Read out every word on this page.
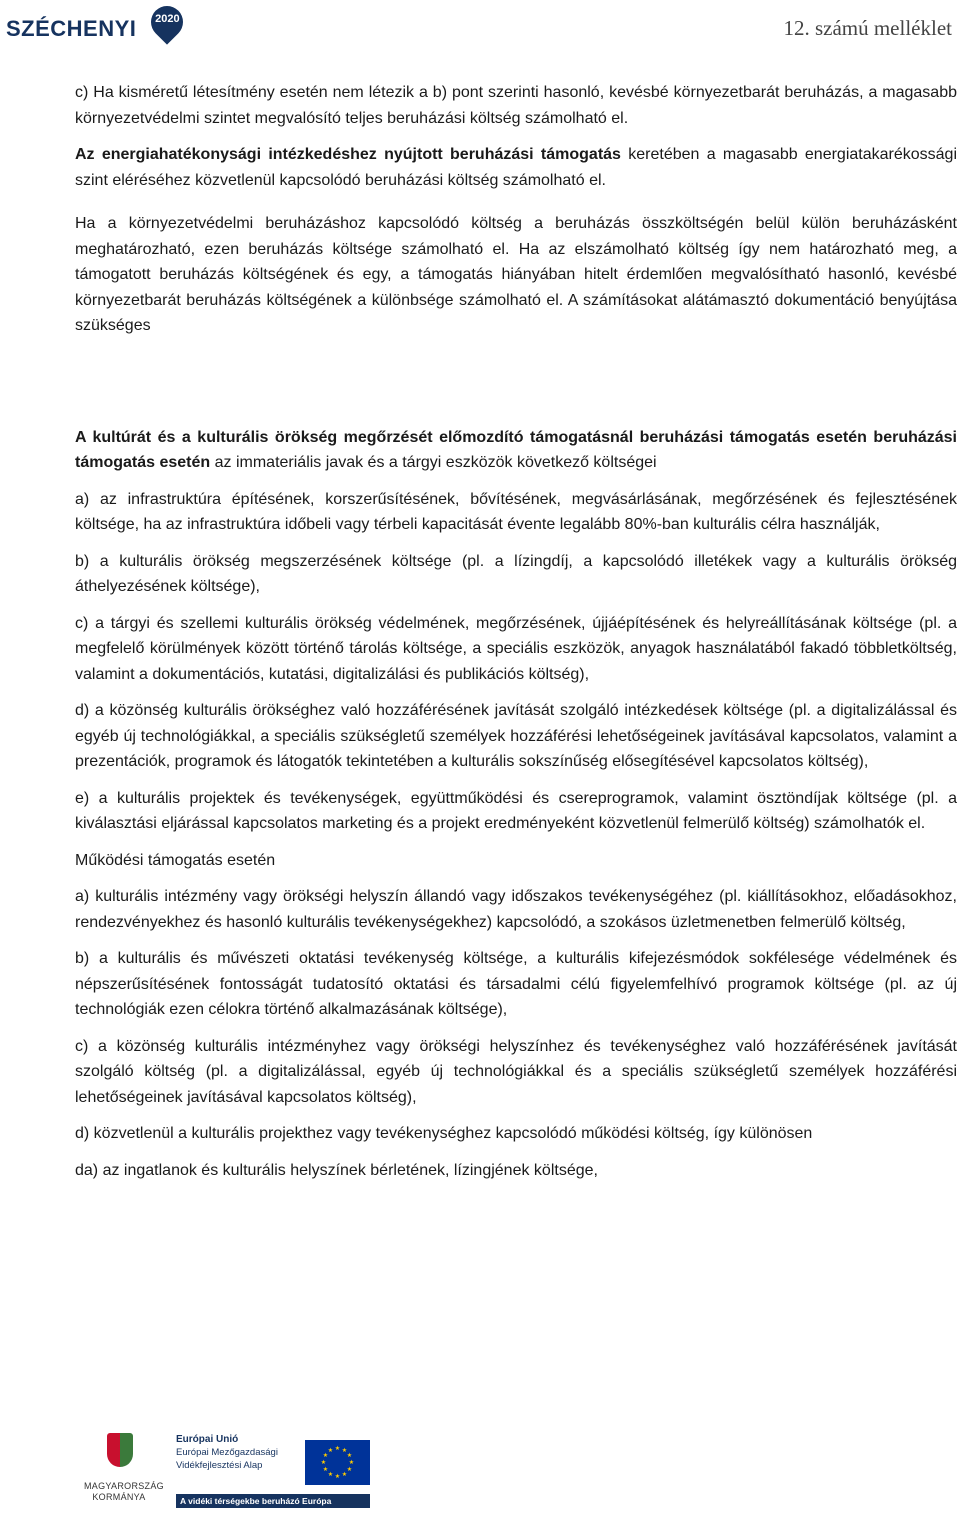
SZÉCHENYI	2020	12. számú melléklet

c) Ha kisméretű létesítmény esetén nem létezik a b) pont szerinti hasonló, kevésbé környezetbarát beruházás, a magasabb környezetvédelmi szintet megvalósító teljes beruházási költség számolható el.

Az energiahatékonysági intézkedéshez nyújtott beruházási támogatás keretében a magasabb energiatakarékossági szint eléréséhez közvetlenül kapcsolódó beruházási költség számolható el.

Ha a környezetvédelmi beruházáshoz kapcsolódó költség a beruházás összköltségén belül külön beruházásként meghatározható, ezen beruházás költsége számolható el. Ha az elszámolható költség így nem határozható meg, a támogatott beruházás költségének és egy, a támogatás hiányában hitelt érdemlően megvalósítható hasonló, kevésbé környezetbarát beruházás költségének a különbsége számolható el. A számításokat alátámasztó dokumentáció benyújtása szükséges

A kultúrát és a kulturális örökség megőrzését előmozdító támogatásnál beruházási támogatás esetén beruházási támogatás esetén az immateriális javak és a tárgyi eszközök következő költségei

a) az infrastruktúra építésének, korszerűsítésének, bővítésének, megvásárlásának, megőrzésének és fejlesztésének költsége, ha az infrastruktúra időbeli vagy térbeli kapacitását évente legalább 80%-ban kulturális célra használják,

b) a kulturális örökség megszerzésének költsége (pl. a lízingdíj, a kapcsolódó illetékek vagy a kulturális örökség áthelyezésének költsége),

c) a tárgyi és szellemi kulturális örökség védelmének, megőrzésének, újjáépítésének és helyreállításának költsége (pl. a megfelelő körülmények között történő tárolás költsége, a speciális eszközök, anyagok használatából fakadó többletköltség, valamint a dokumentációs, kutatási, digitalizálási és publikációs költség),

d) a közönség kulturális örökséghez való hozzáférésének javítását szolgáló intézkedések költsége (pl. a digitalizálással és egyéb új technológiákkal, a speciális szükségletű személyek hozzáférési lehetőségeinek javításával kapcsolatos, valamint a prezentációk, programok és látogatók tekintetében a kulturális sokszínűség elősegítésével kapcsolatos költség),

e) a kulturális projektek és tevékenységek, együttműködési és csereprogramok, valamint ösztöndíjak költsége (pl. a kiválasztási eljárással kapcsolatos marketing és a projekt eredményeként közvetlenül felmerülő költség) számolhatók el.

Működési támogatás esetén

a) kulturális intézmény vagy örökségi helyszín állandó vagy időszakos tevékenységéhez (pl. kiállításokhoz, előadásokhoz, rendezvényekhez és hasonló kulturális tevékenységekhez) kapcsolódó, a szokásos üzletmenetben felmerülő költség,

b) a kulturális és művészeti oktatási tevékenység költsége, a kulturális kifejezésmódok sokfélesége védelmének és népszerűsítésének fontosságát tudatosító oktatási és társadalmi célú figyelemfelhívó programok költsége (pl. az új technológiák ezen célokra történő alkalmazásának költsége),

c) a közönség kulturális intézményhez vagy örökségi helyszínhez és tevékenységhez való hozzáférésének javítását szolgáló költség (pl. a digitalizálással, egyéb új technológiákkal és a speciális szükségletű személyek hozzáférési lehetőségeinek javításával kapcsolatos költség),

d) közvetlenül a kulturális projekthez vagy tevékenységhez kapcsolódó működési költség, így különösen

da) az ingatlanok és kulturális helyszínek bérletének, lízingjének költsége,

MAGYARORSZÁG
KORMÁNYA
Európai Unió
Európai Mezőgazdasági
Vidékfejlesztési Alap
★ ★
★
★
★
★
★
★
★
★
★
★
A vidéki térségekbe beruházó Európa
